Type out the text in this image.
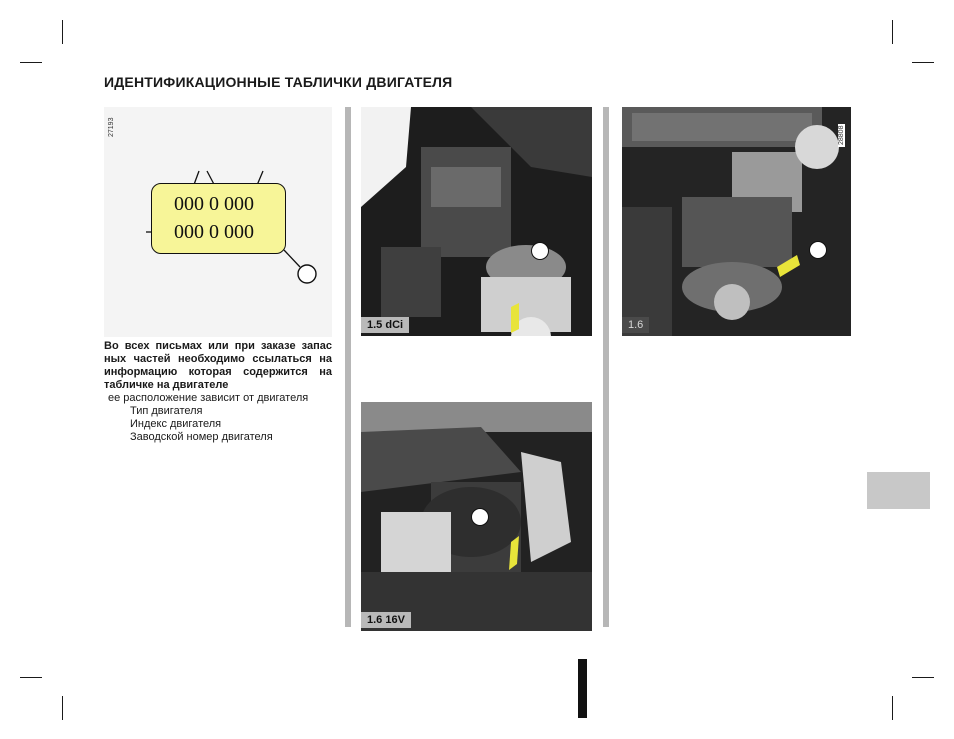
ИДЕНТИФИКАЦИОННЫЕ ТАБЛИЧКИ ДВИГАТЕЛЯ
27193
000 0 000
000 0 000
Во всех письмах или при заказе запас ных частей необходимо ссылаться на информацию которая содержится на табличке на двигателе
ее расположение зависит от двигателя
Тип двигателя
Индекс двигателя
Заводской номер двигателя
1.5 dCi
28808
1.6
1.6 16V
